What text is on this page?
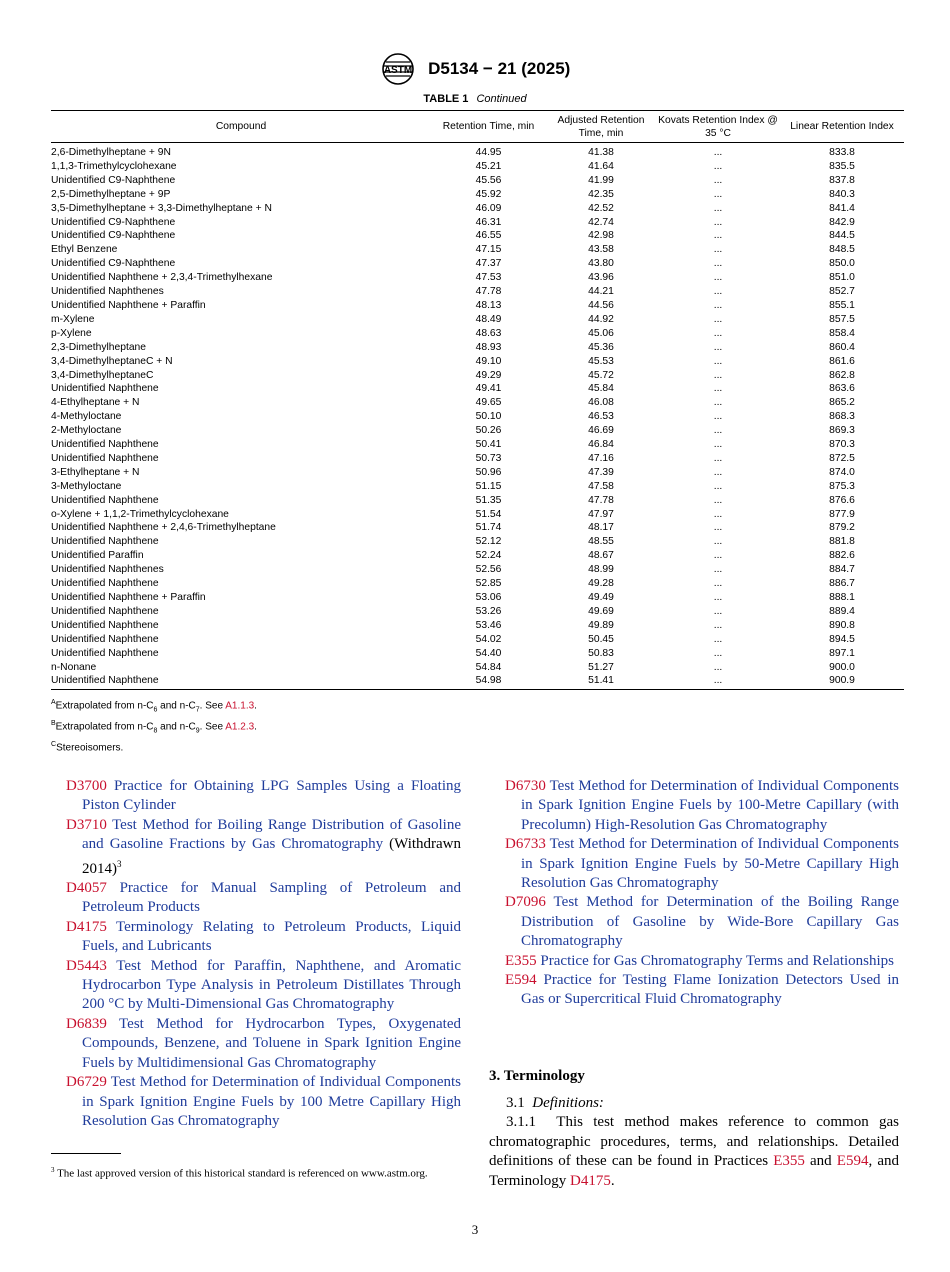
ASTM D5134 − 21 (2025)
TABLE 1 Continued
Compound	Retention Time, min	Adjusted Retention Time, min	Kovats Retention Index @ 35 °C	Linear Retention Index
2,6-Dimethylheptane + 9N	44.95	41.38	...	833.8
1,1,3-Trimethylcyclohexane	45.21	41.64	...	835.5
Unidentified C9-Naphthene	45.56	41.99	...	837.8
2,5-Dimethylheptane + 9P	45.92	42.35	...	840.3
3,5-Dimethylheptane + 3,3-Dimethylheptane + N	46.09	42.52	...	841.4
Unidentified C9-Naphthene	46.31	42.74	...	842.9
Unidentified C9-Naphthene	46.55	42.98	...	844.5
Ethyl Benzene	47.15	43.58	...	848.5
Unidentified C9-Naphthene	47.37	43.80	...	850.0
Unidentified Naphthene + 2,3,4-Trimethylhexane	47.53	43.96	...	851.0
Unidentified Naphthenes	47.78	44.21	...	852.7
Unidentified Naphthene + Paraffin	48.13	44.56	...	855.1
m-Xylene	48.49	44.92	...	857.5
p-Xylene	48.63	45.06	...	858.4
2,3-Dimethylheptane	48.93	45.36	...	860.4
3,4-DimethylheptaneC + N	49.10	45.53	...	861.6
3,4-DimethylheptaneC	49.29	45.72	...	862.8
Unidentified Naphthene	49.41	45.84	...	863.6
4-Ethylheptane + N	49.65	46.08	...	865.2
4-Methyloctane	50.10	46.53	...	868.3
2-Methyloctane	50.26	46.69	...	869.3
Unidentified Naphthene	50.41	46.84	...	870.3
Unidentified Naphthene	50.73	47.16	...	872.5
3-Ethylheptane + N	50.96	47.39	...	874.0
3-Methyloctane	51.15	47.58	...	875.3
Unidentified Naphthene	51.35	47.78	...	876.6
o-Xylene + 1,1,2-Trimethylcyclohexane	51.54	47.97	...	877.9
Unidentified Naphthene + 2,4,6-Trimethylheptane	51.74	48.17	...	879.2
Unidentified Naphthene	52.12	48.55	...	881.8
Unidentified Paraffin	52.24	48.67	...	882.6
Unidentified Naphthenes	52.56	48.99	...	884.7
Unidentified Naphthene	52.85	49.28	...	886.7
Unidentified Naphthene + Paraffin	53.06	49.49	...	888.1
Unidentified Naphthene	53.26	49.69	...	889.4
Unidentified Naphthene	53.46	49.89	...	890.8
Unidentified Naphthene	54.02	50.45	...	894.5
Unidentified Naphthene	54.40	50.83	...	897.1
n-Nonane	54.84	51.27	...	900.0
Unidentified Naphthene	54.98	51.41	...	900.9
$^A$Extrapolated from $n-C_6$ and $n-C_7$. See A1.1.3.
$^B$Extrapolated from $n-C_8$ and $n-C_9$. See A1.2.3.
$^C$Stereoisomers.

D3700 Practice for Obtaining LPG Samples Using a Floating Piston Cylinder

D3710 Test Method for Boiling Range Distribution of Gasoline and Gasoline Fractions by Gas Chromatography (Withdrawn 2014)$^3$

D4057 Practice for Manual Sampling of Petroleum and Petroleum Products

D4175 Terminology Relating to Petroleum Products, Liquid Fuels, and Lubricants

D5443 Test Method for Paraffin, Naphthene, and Aromatic Hydrocarbon Type Analysis in Petroleum Distillates Through 200 °C by Multi-Dimensional Gas Chromatography

D6839 Test Method for Hydrocarbon Types, Oxygenated Compounds, Benzene, and Toluene in Spark Ignition Engine Fuels by Multidimensional Gas Chromatography

D6729 Test Method for Determination of Individual Components in Spark Ignition Engine Fuels by 100 Metre Capillary High Resolution Gas Chromatography

D6730 Test Method for Determination of Individual Components in Spark Ignition Engine Fuels by 100-Metre Capillary (with Precolumn) High-Resolution Gas Chromatography

D6733 Test Method for Determination of Individual Components in Spark Ignition Engine Fuels by 50-Metre Capillary High Resolution Gas Chromatography

D7096 Test Method for Determination of the Boiling Range Distribution of Gasoline by Wide-Bore Capillary Gas Chromatography

E355 Practice for Gas Chromatography Terms and Relationships

E594 Practice for Testing Flame Ionization Detectors Used in Gas or Supercritical Fluid Chromatography

3. Terminology

3.1 Definitions:

3.1.1 This test method makes reference to common gas chromatographic procedures, terms, and relationships. Detailed definitions of these can be found in Practices E355 and E594, and Terminology D4175.

$^3$ The last approved version of this historical standard is referenced on www.astm.org.
3
